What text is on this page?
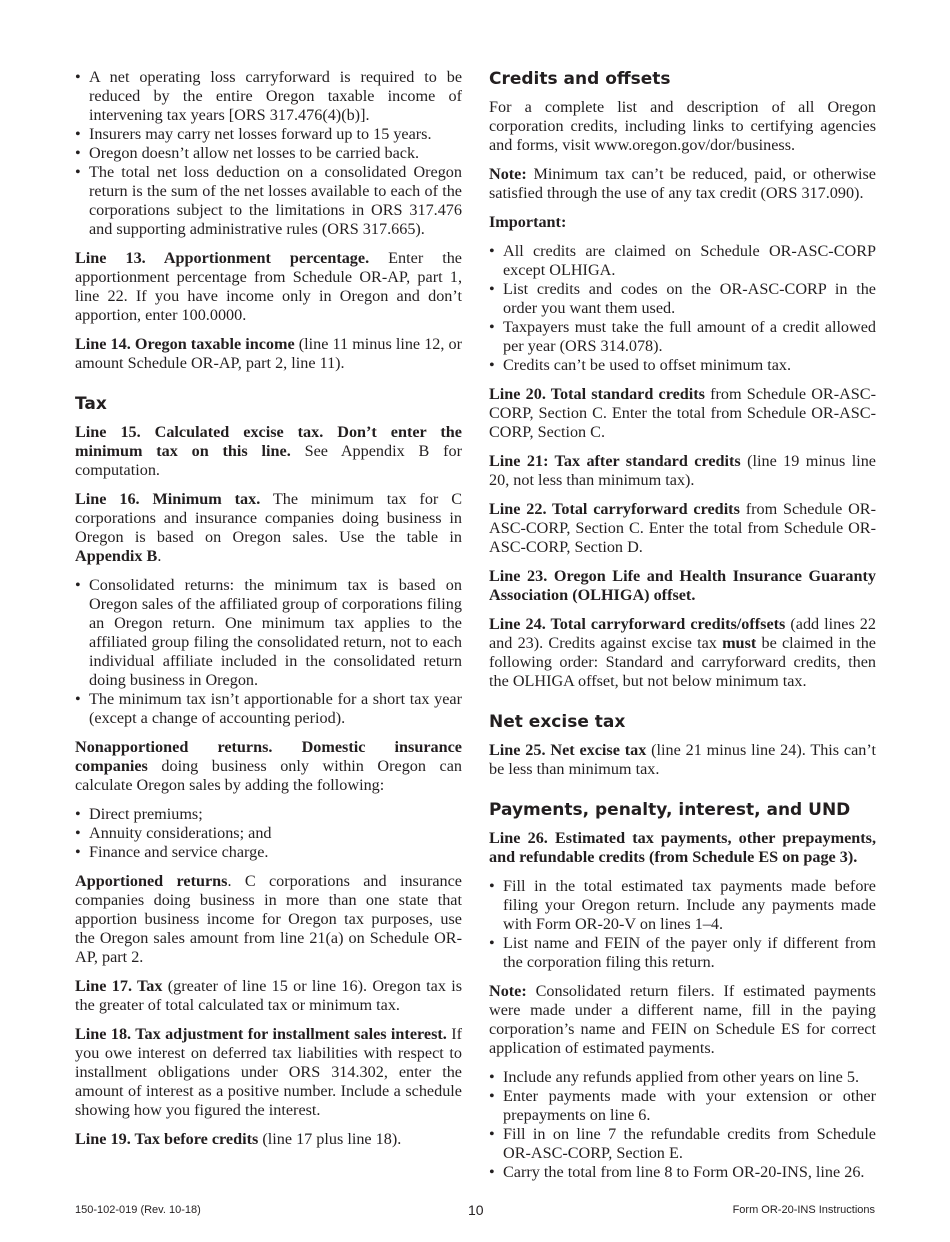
• A net operating loss carryforward is required to be reduced by the entire Oregon taxable income of intervening tax years [ORS 317.476(4)(b)].
• Insurers may carry net losses forward up to 15 years.
• Oregon doesn’t allow net losses to be carried back.
• The total net loss deduction on a consolidated Oregon return is the sum of the net losses available to each of the corporations subject to the limitations in ORS 317.476 and supporting administrative rules (ORS 317.665).

Line 13. Apportionment percentage. Enter the apportionment percentage from Schedule OR-AP, part 1, line 22. If you have income only in Oregon and don’t apportion, enter 100.0000.

Line 14. Oregon taxable income (line 11 minus line 12, or amount Schedule OR-AP, part 2, line 11).

Tax

Line 15. Calculated excise tax. Don’t enter the minimum tax on this line. See Appendix B for computation.

Line 16. Minimum tax. The minimum tax for C corporations and insurance companies doing business in Oregon is based on Oregon sales. Use the table in Appendix B.

• Consolidated returns: the minimum tax is based on Oregon sales of the affiliated group of corporations filing an Oregon return. One minimum tax applies to the affiliated group filing the consolidated return, not to each individual affiliate included in the consolidated return doing business in Oregon.
• The minimum tax isn’t apportionable for a short tax year (except a change of accounting period).

Nonapportioned returns. Domestic insurance companies doing business only within Oregon can calculate Oregon sales by adding the following:

• Direct premiums;
• Annuity considerations; and
• Finance and service charge.

Apportioned returns. C corporations and insurance companies doing business in more than one state that apportion business income for Oregon tax purposes, use the Oregon sales amount from line 21(a) on Schedule OR-AP, part 2.

Line 17. Tax (greater of line 15 or line 16). Oregon tax is the greater of total calculated tax or minimum tax.

Line 18. Tax adjustment for installment sales interest. If you owe interest on deferred tax liabilities with respect to installment obligations under ORS 314.302, enter the amount of interest as a positive number. Include a schedule showing how you figured the interest.

Line 19. Tax before credits (line 17 plus line 18).

Credits and offsets

For a complete list and description of all Oregon corporation credits, including links to certifying agencies and forms, visit www.oregon.gov/dor/business.

Note: Minimum tax can’t be reduced, paid, or otherwise satisfied through the use of any tax credit (ORS 317.090).

Important:

• All credits are claimed on Schedule OR-ASC-CORP except OLHIGA.
• List credits and codes on the OR-ASC-CORP in the order you want them used.
• Taxpayers must take the full amount of a credit allowed per year (ORS 314.078).
• Credits can’t be used to offset minimum tax.

Line 20. Total standard credits from Schedule OR-ASC-CORP, Section C. Enter the total from Schedule OR-ASC-CORP, Section C.

Line 21: Tax after standard credits (line 19 minus line 20, not less than minimum tax).

Line 22. Total carryforward credits from Schedule OR-ASC-CORP, Section C. Enter the total from Schedule OR-ASC-CORP, Section D.

Line 23. Oregon Life and Health Insurance Guaranty Association (OLHIGA) offset.

Line 24. Total carryforward credits/offsets (add lines 22 and 23). Credits against excise tax must be claimed in the following order: Standard and carryforward credits, then the OLHIGA offset, but not below minimum tax.

Net excise tax

Line 25. Net excise tax (line 21 minus line 24). This can’t be less than minimum tax.

Payments, penalty, interest, and UND

Line 26. Estimated tax payments, other prepayments, and refundable credits (from Schedule ES on page 3).

• Fill in the total estimated tax payments made before filing your Oregon return. Include any payments made with Form OR-20-V on lines 1–4.
• List name and FEIN of the payer only if different from the corporation filing this return.

Note: Consolidated return filers. If estimated payments were made under a different name, fill in the paying corporation’s name and FEIN on Schedule ES for correct application of estimated payments.

• Include any refunds applied from other years on line 5.
• Enter payments made with your extension or other prepayments on line 6.
• Fill in on line 7 the refundable credits from Schedule OR-ASC-CORP, Section E.
• Carry the total from line 8 to Form OR-20-INS, line 26.
150-102-019 (Rev. 10-18)	10	Form OR-20-INS Instructions
